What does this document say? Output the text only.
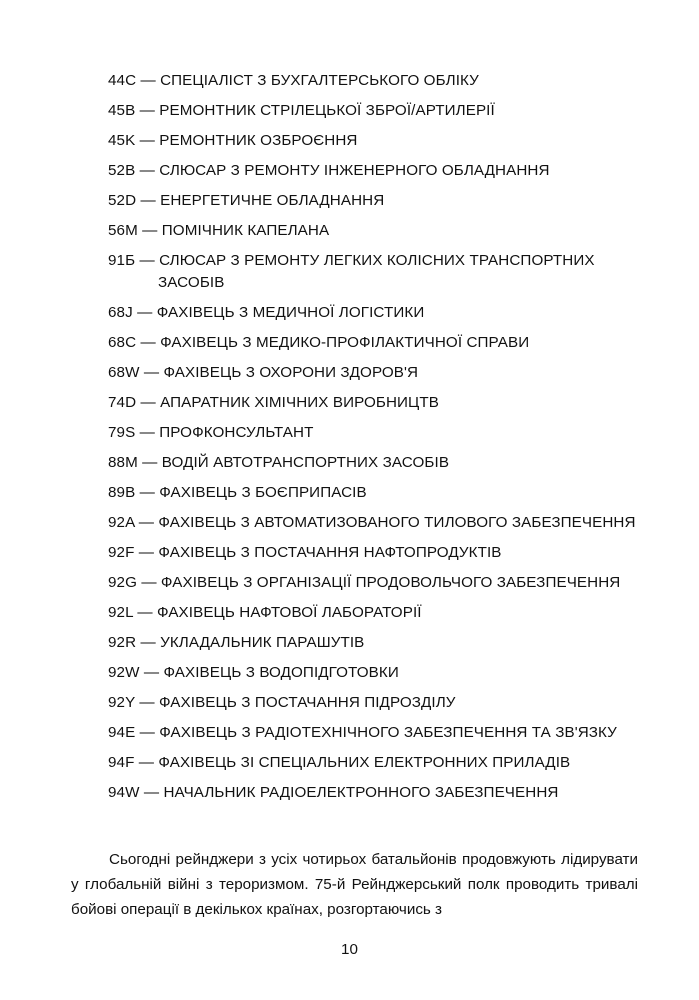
44C — СПЕЦІАЛІСТ З БУХГАЛТЕРСЬКОГО ОБЛІКУ
45B — РЕМОНТНИК СТРІЛЕЦЬКОЇ ЗБРОЇ/АРТИЛЕРІЇ
45K — РЕМОНТНИК ОЗБРОЄННЯ
52B — СЛЮСАР З РЕМОНТУ ІНЖЕНЕРНОГО ОБЛАДНАННЯ
52D — ЕНЕРГЕТИЧНЕ ОБЛАДНАННЯ
56M — ПОМІЧНИК КАПЕЛАНА
91Б — СЛЮСАР З РЕМОНТУ ЛЕГКИХ КОЛІСНИХ ТРАНСПОРТНИХ
ЗАСОБІВ
68J — ФАХІВЕЦЬ З МЕДИЧНОЇ ЛОГІСТИКИ
68C — ФАХІВЕЦЬ З МЕДИКО-ПРОФІЛАКТИЧНОЇ СПРАВИ
68W — ФАХІВЕЦЬ З ОХОРОНИ ЗДОРОВ'Я
74D — АПАРАТНИК ХІМІЧНИХ ВИРОБНИЦТВ
79S — ПРОФКОНСУЛЬТАНТ
88M — ВОДІЙ АВТОТРАНСПОРТНИХ ЗАСОБІВ
89B — ФАХІВЕЦЬ З БОЄПРИПАСІВ
92A — ФАХІВЕЦЬ З АВТОМАТИЗОВАНОГО ТИЛОВОГО ЗАБЕЗПЕЧЕННЯ
92F — ФАХІВЕЦЬ З ПОСТАЧАННЯ НАФТОПРОДУКТІВ
92G — ФАХІВЕЦЬ З ОРГАНІЗАЦІЇ ПРОДОВОЛЬЧОГО ЗАБЕЗПЕЧЕННЯ
92L — ФАХІВЕЦЬ НАФТОВОЇ ЛАБОРАТОРІЇ
92R — УКЛАДАЛЬНИК ПАРАШУТІВ
92W — ФАХІВЕЦЬ З ВОДОПІДГОТОВКИ
92Y — ФАХІВЕЦЬ З ПОСТАЧАННЯ ПІДРОЗДІЛУ
94E — ФАХІВЕЦЬ З РАДІОТЕХНІЧНОГО ЗАБЕЗПЕЧЕННЯ ТА ЗВ'ЯЗКУ
94F — ФАХІВЕЦЬ ЗІ СПЕЦІАЛЬНИХ ЕЛЕКТРОННИХ ПРИЛАДІВ
94W — НАЧАЛЬНИК РАДІОЕЛЕКТРОННОГО ЗАБЕЗПЕЧЕННЯ

Сьогодні рейнджери з усіх чотирьох батальйонів продовжують лідирувати у глобальній війні з тероризмом. 75-й Рейнджерський полк проводить тривалі бойові операції в декількох країнах, розгортаючись з

10
